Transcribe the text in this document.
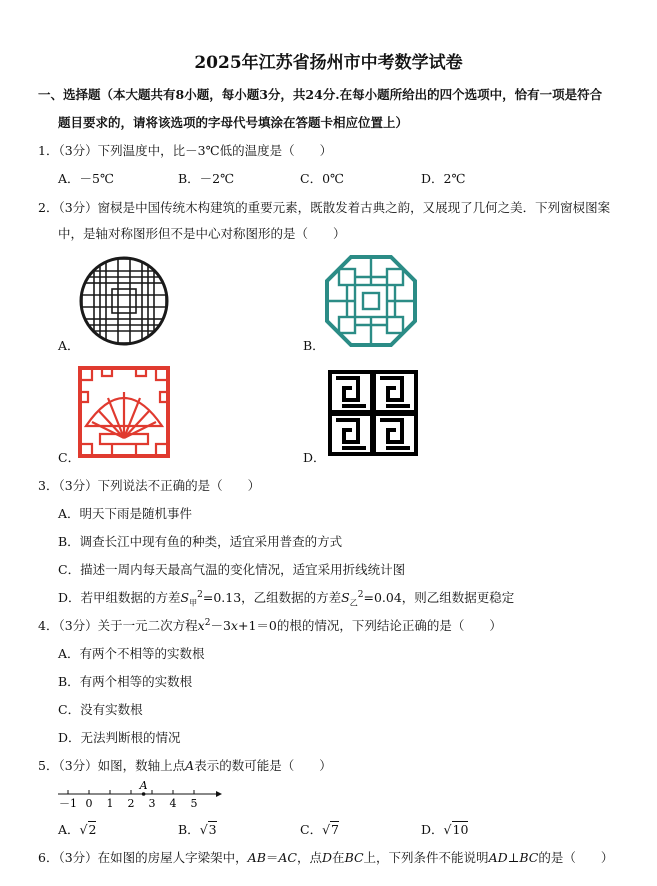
2025年江苏省扬州市中考数学试卷
一、选择题（本大题共有8小题，每小题3分，共24分.在每小题所给出的四个选项中，恰有一项是符合
题目要求的，请将该选项的字母代号填涂在答题卡相应位置上）
1．（3分）下列温度中，比－3℃低的温度是（　　）
A．－5℃	B．－2℃	C．0℃	D．2℃
2．（3分）窗棂是中国传统木构建筑的重要元素，既散发着古典之韵，又展现了几何之美．下列窗棂图案
中，是轴对称图形但不是中心对称图形的是（　　）
A．	B．
C．	D．
3．（3分）下列说法不正确的是（　　）
A．明天下雨是随机事件
B．调查长江中现有鱼的种类，适宜采用普查的方式
C．描述一周内每天最高气温的变化情况，适宜采用折线统计图
D．若甲组数据的方差$S_甲^2=0.13$，乙组数据的方差$S_乙^2=0.04$，则乙组数据更稳定
4．（3分）关于一元二次方程$x^2-3x+1=0$的根的情况，下列结论正确的是（　　）
A．有两个不相等的实数根
B．有两个相等的实数根
C．没有实数根
D．无法判断根的情况
5．（3分）如图，数轴上点A表示的数可能是（　　）
－1 0 1 2 3 4 5
A
A．√2	B．√3	C．√7	D．√10
6．（3分）在如图的房屋人字梁架中，AB＝AC，点D在BC上，下列条件不能说明AD⊥BC的是（　　）
